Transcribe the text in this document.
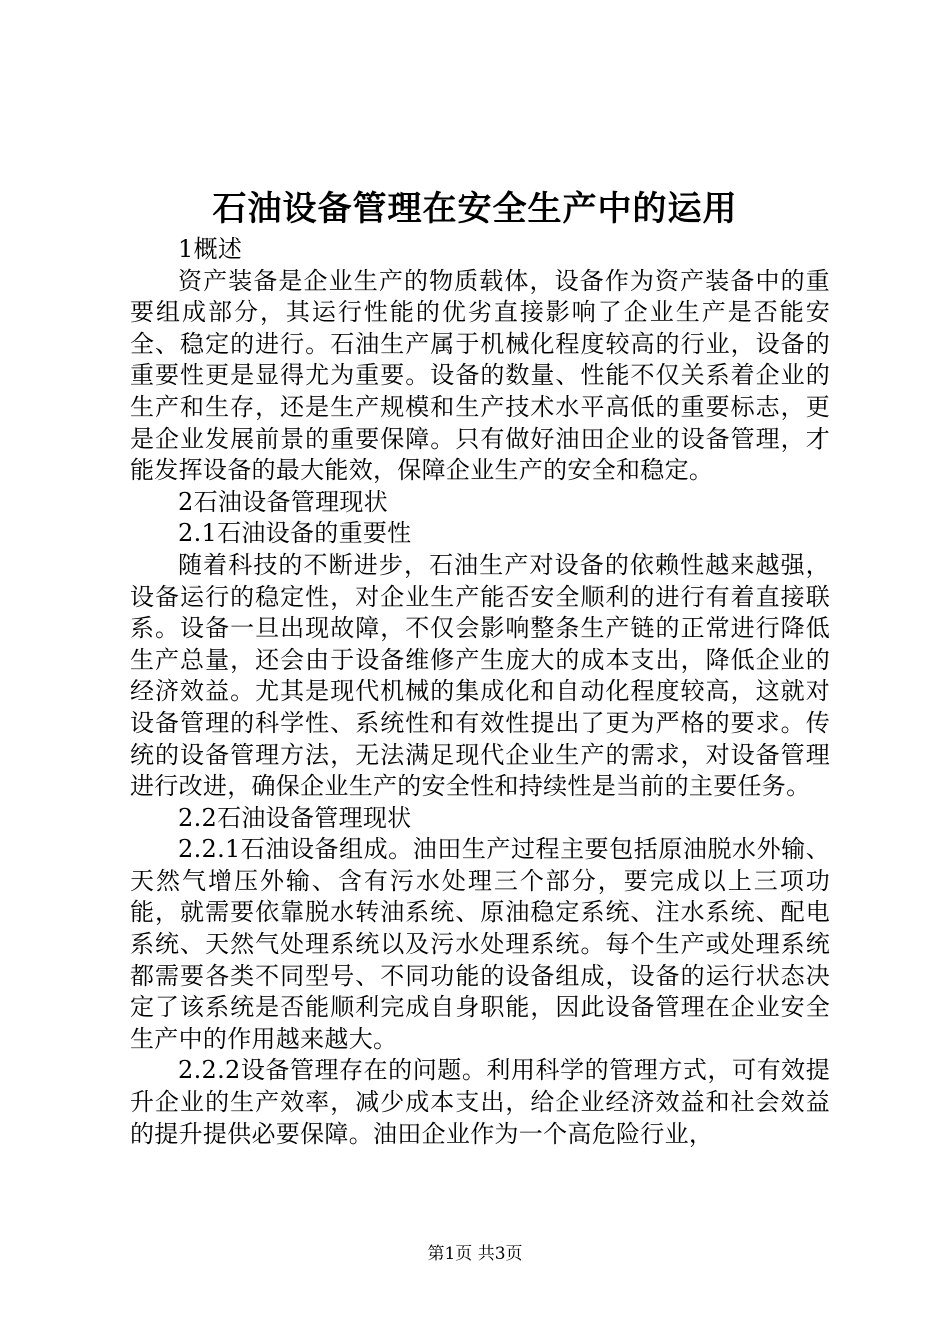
石油设备管理在安全生产中的运用

1概述

资产装备是企业生产的物质载体，设备作为资产装备中的重要组成部分，其运行性能的优劣直接影响了企业生产是否能安全、稳定的进行。石油生产属于机械化程度较高的行业，设备的重要性更是显得尤为重要。设备的数量、性能不仅关系着企业的生产和生存，还是生产规模和生产技术水平高低的重要标志，更是企业发展前景的重要保障。只有做好油田企业的设备管理，才能发挥设备的最大能效，保障企业生产的安全和稳定。

2石油设备管理现状

2.1石油设备的重要性

随着科技的不断进步，石油生产对设备的依赖性越来越强，设备运行的稳定性，对企业生产能否安全顺利的进行有着直接联系。设备一旦出现故障，不仅会影响整条生产链的正常进行降低生产总量，还会由于设备维修产生庞大的成本支出，降低企业的经济效益。尤其是现代机械的集成化和自动化程度较高，这就对设备管理的科学性、系统性和有效性提出了更为严格的要求。传统的设备管理方法，无法满足现代企业生产的需求，对设备管理进行改进，确保企业生产的安全性和持续性是当前的主要任务。

2.2石油设备管理现状

2.2.1石油设备组成。油田生产过程主要包括原油脱水外输、天然气增压外输、含有污水处理三个部分，要完成以上三项功能，就需要依靠脱水转油系统、原油稳定系统、注水系统、配电系统、天然气处理系统以及污水处理系统。每个生产或处理系统都需要各类不同型号、不同功能的设备组成，设备的运行状态决定了该系统是否能顺利完成自身职能，因此设备管理在企业安全生产中的作用越来越大。

2.2.2设备管理存在的问题。利用科学的管理方式，可有效提升企业的生产效率，减少成本支出，给企业经济效益和社会效益的提升提供必要保障。油田企业作为一个高危险行业，

第1页 共3页
